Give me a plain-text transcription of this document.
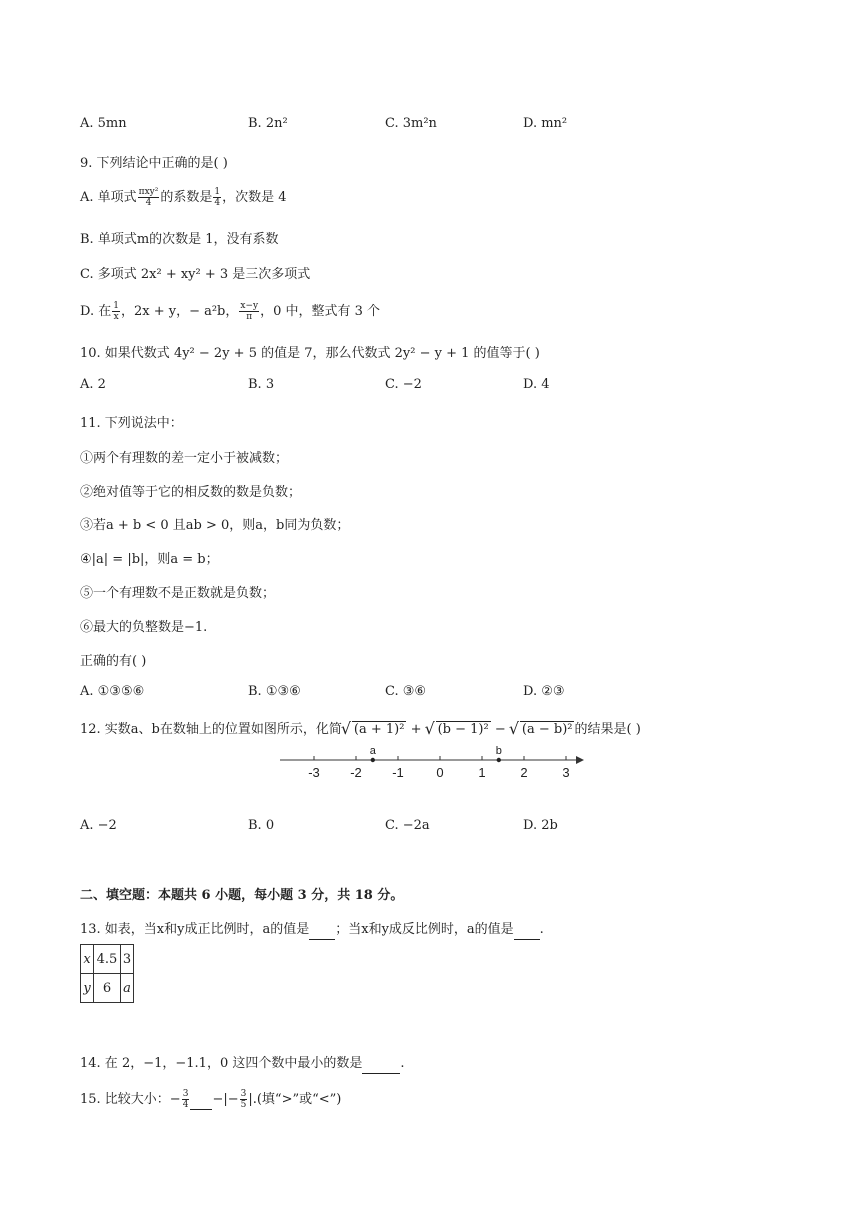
A. 5mn	B. 2n²	C. 3m²n	D. mn²
9. 下列结论中正确的是( )
A. 单项式 $\frac{\text{πxy²}}{4}$ 的系数是 $\frac{1}{4}$ ，次数是 4
B. 单项式m的次数是 1，没有系数
C. 多项式 2x² + xy² + 3 是三次多项式
D. 在 $\frac{1}{x}$ ，2x + y，− a²b， $\frac{x-y}{\pi}$ ，0 中，整式有 3 个
10. 如果代数式 4y² − 2y + 5 的值是 7，那么代数式 2y² − y + 1 的值等于( )
A. 2	B. 3	C. −2	D. 4
11. 下列说法中：
①两个有理数的差一定小于被减数；
②绝对值等于它的相反数的数是负数；
③若a + b < 0 且ab > 0，则a，b同为负数；
④|a| = |b|，则a = b；
⑤一个有理数不是正数就是负数；
⑥最大的负整数是−1.
正确的有( )
A. ①③⑤⑥	B. ①③⑥	C. ③⑥	D. ②③
12. 实数a、b在数轴上的位置如图所示，化简 √ (a + 1)² + √ (b − 1)² − √ (a − b)² 的结果是( )
-3 -2 -1	0	1	2	3
a	b
A. −2	B. 0	C. −2a	D. 2b
二、填空题：本题共 6 小题，每小题 3 分，共 18 分。
13. 如表，当x和y成正比例时，a的值是 ；当x和y成反比例时，a的值是 .
x	4.5	3
y	6	a
14. 在 2，−1，−1.1，0 这四个数中最小的数是	.
15. 比较大小：− $\frac{3}{4}$ −|− $\frac{3}{5}$ |.(填“>”或“<”)
